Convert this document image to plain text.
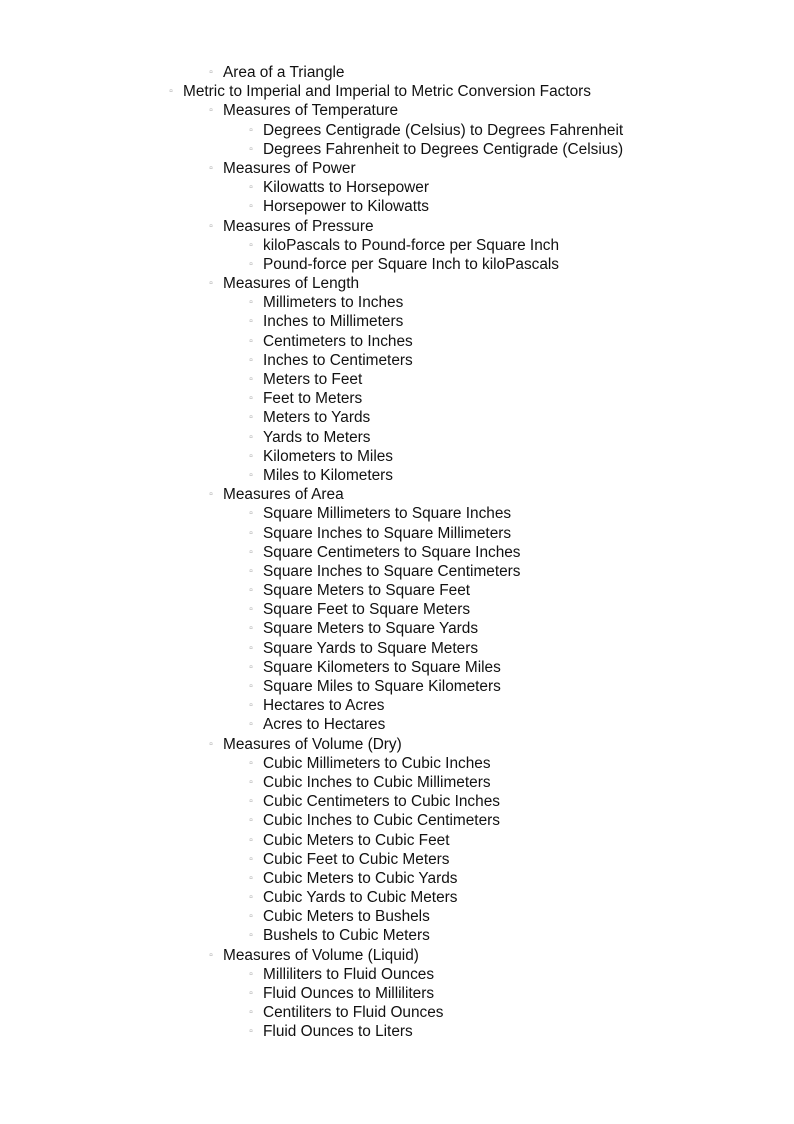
▫ Area of a Triangle
▫ Metric to Imperial and Imperial to Metric Conversion Factors
▫ Measures of Temperature
▫ Degrees Centigrade (Celsius) to Degrees Fahrenheit
▫ Degrees Fahrenheit to Degrees Centigrade (Celsius)
▫ Measures of Power
▫ Kilowatts to Horsepower
▫ Horsepower to Kilowatts
▫ Measures of Pressure
▫ kiloPascals to Pound-force per Square Inch
▫ Pound-force per Square Inch to kiloPascals
▫ Measures of Length
▫ Millimeters to Inches
▫ Inches to Millimeters
▫ Centimeters to Inches
▫ Inches to Centimeters
▫ Meters to Feet
▫ Feet to Meters
▫ Meters to Yards
▫ Yards to Meters
▫ Kilometers to Miles
▫ Miles to Kilometers
▫ Measures of Area
▫ Square Millimeters to Square Inches
▫ Square Inches to Square Millimeters
▫ Square Centimeters to Square Inches
▫ Square Inches to Square Centimeters
▫ Square Meters to Square Feet
▫ Square Feet to Square Meters
▫ Square Meters to Square Yards
▫ Square Yards to Square Meters
▫ Square Kilometers to Square Miles
▫ Square Miles to Square Kilometers
▫ Hectares to Acres
▫ Acres to Hectares
▫ Measures of Volume (Dry)
▫ Cubic Millimeters to Cubic Inches
▫ Cubic Inches to Cubic Millimeters
▫ Cubic Centimeters to Cubic Inches
▫ Cubic Inches to Cubic Centimeters
▫ Cubic Meters to Cubic Feet
▫ Cubic Feet to Cubic Meters
▫ Cubic Meters to Cubic Yards
▫ Cubic Yards to Cubic Meters
▫ Cubic Meters to Bushels
▫ Bushels to Cubic Meters
▫ Measures of Volume (Liquid)
▫ Milliliters to Fluid Ounces
▫ Fluid Ounces to Milliliters
▫ Centiliters to Fluid Ounces
▫ Fluid Ounces to Liters
